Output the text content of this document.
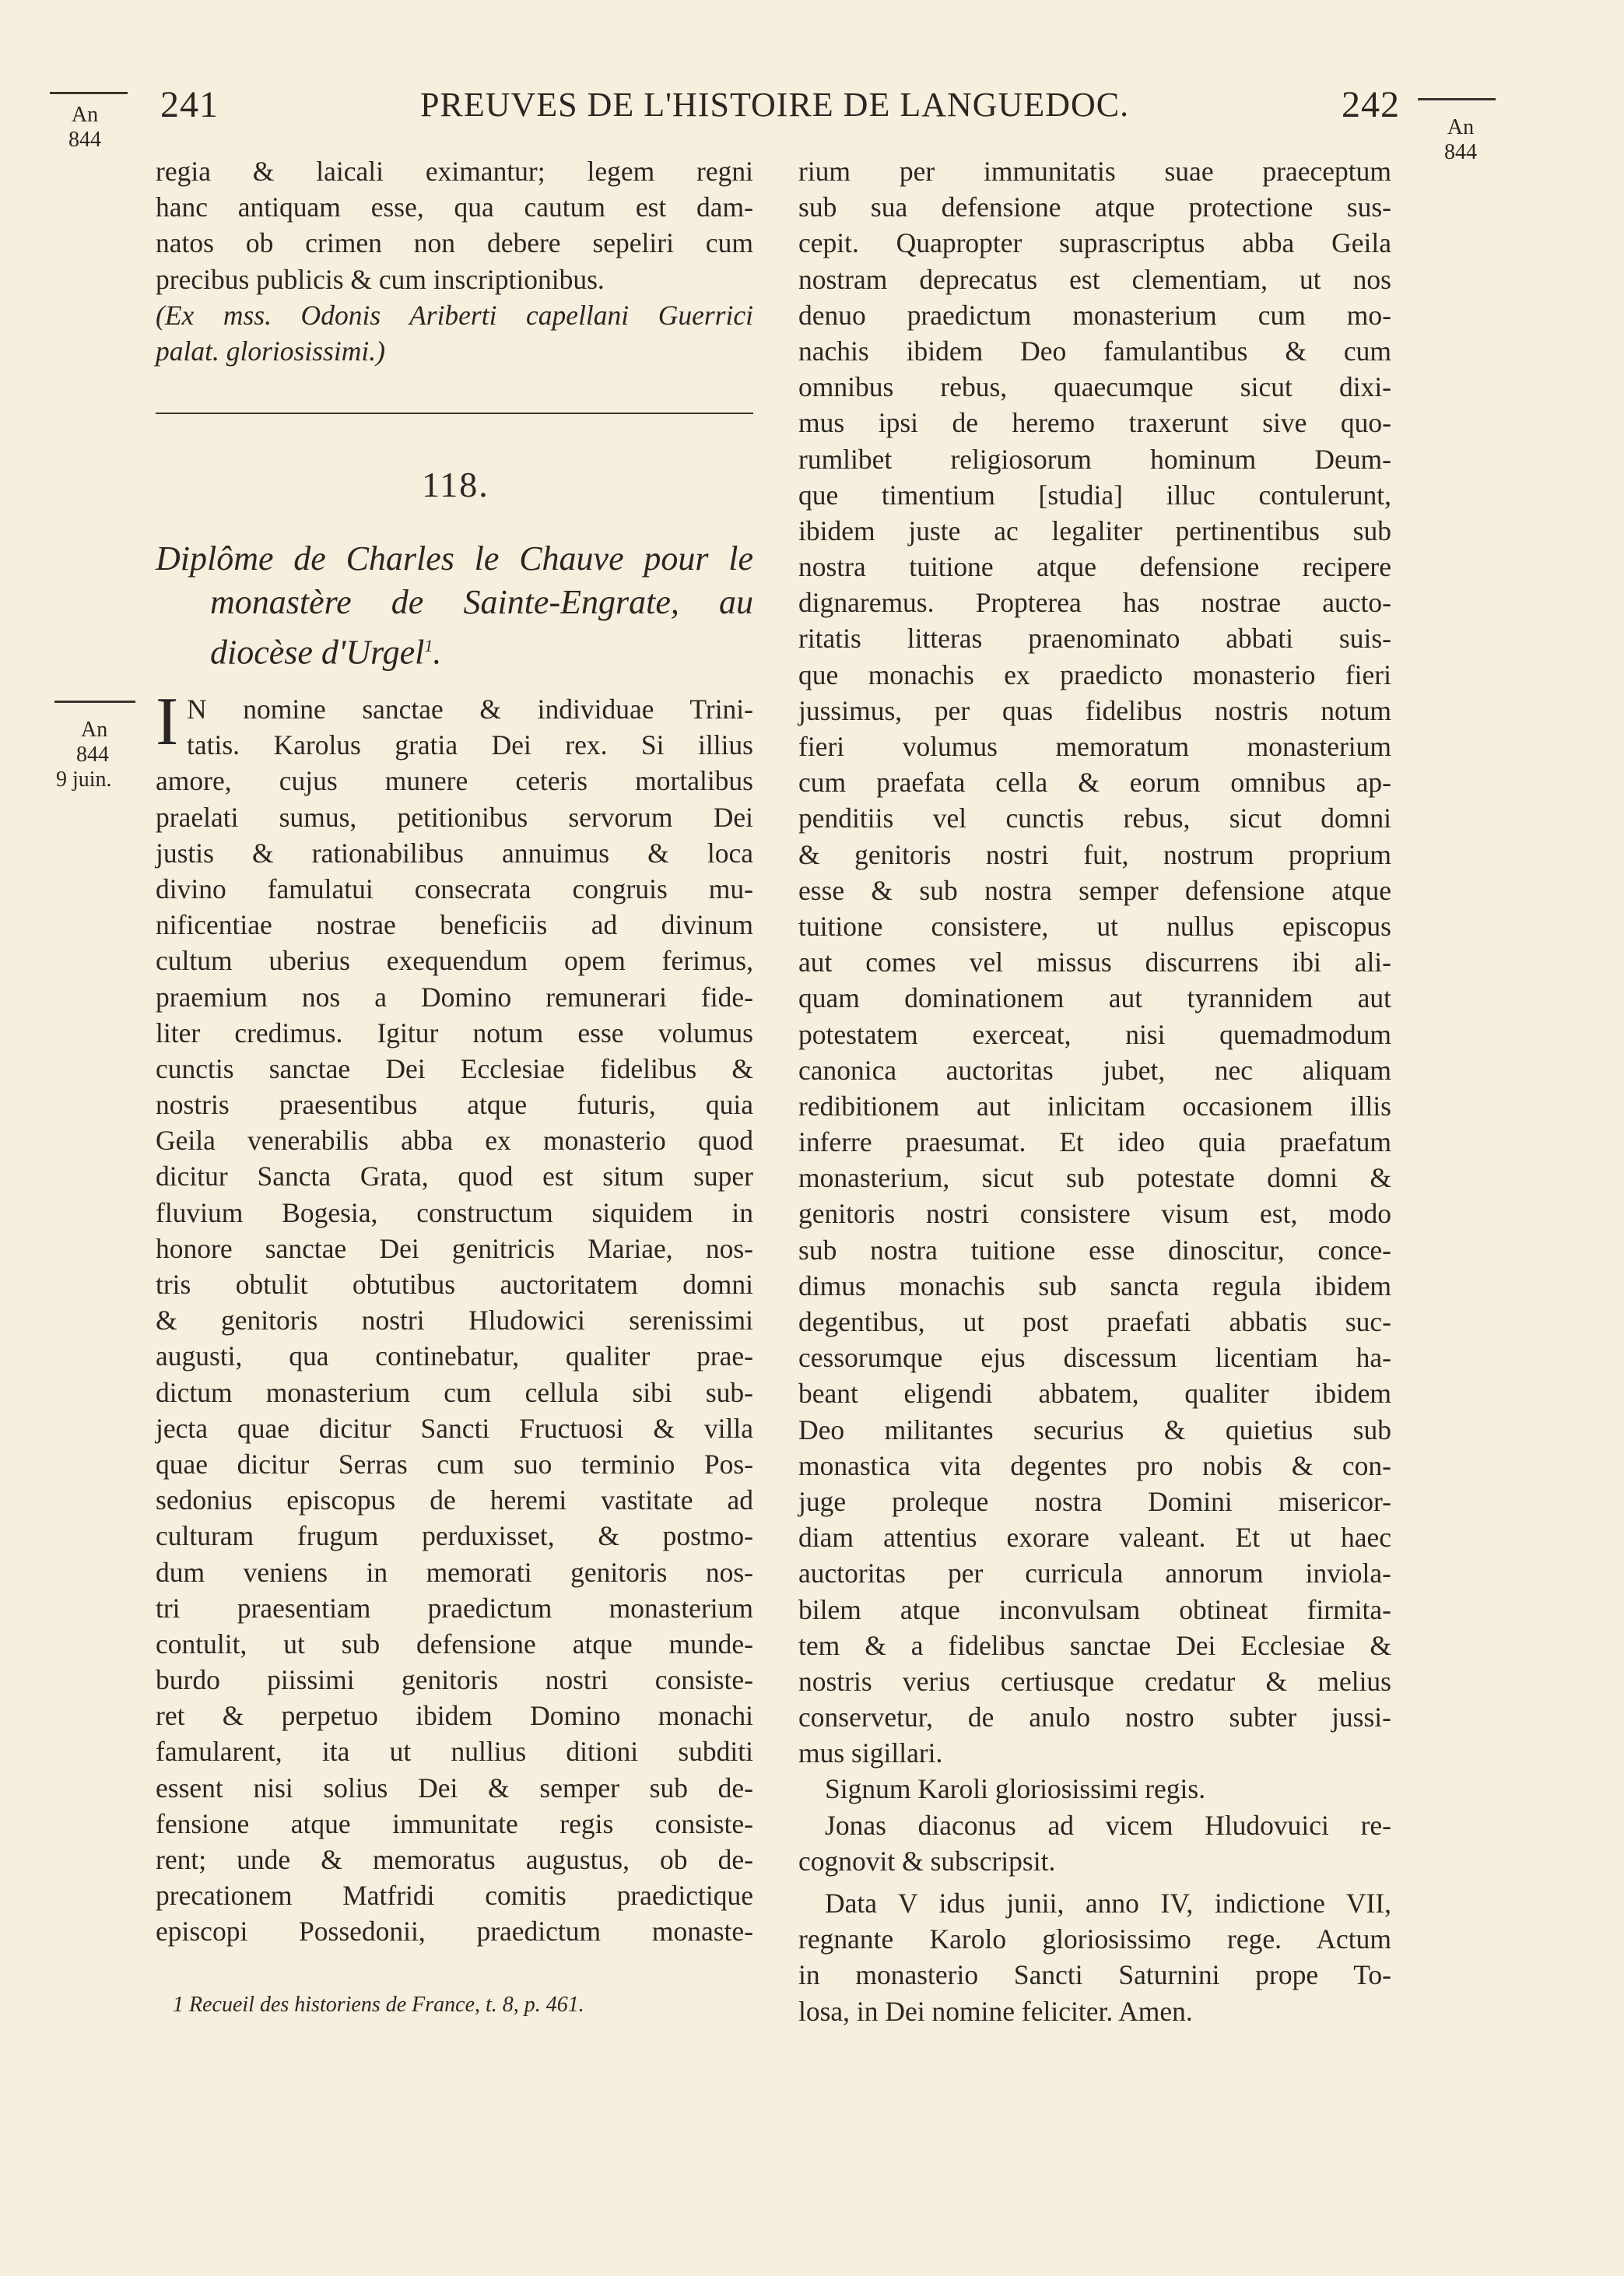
241	PREUVES DE L'HISTOIRE DE LANGUEDOC.	242
An
844
An
844
An
844
9 juin.
regia & laicali eximantur; legem regni
hanc antiquam esse, qua cautum est dam-
natos ob crimen non debere sepeliri cum
precibus publicis & cum inscriptionibus.
(Ex mss. Odonis Ariberti capellani Guerrici
palat. gloriosissimi.)
118.
Diplôme de Charles le Chauve pour le
monastère de Sainte-Engrate, au
diocèse d'Urgel$^1$.
I N nomine sanctae & individuae Trini-
tatis. Karolus gratia Dei rex. Si illius
amore, cujus munere ceteris mortalibus
praelati sumus, petitionibus servorum Dei
justis & rationabilibus annuimus & loca
divino famulatui consecrata congruis mu-
nificentiae nostrae beneficiis ad divinum
cultum uberius exequendum opem ferimus,
praemium nos a Domino remunerari fide-
liter credimus. Igitur notum esse volumus
cunctis sanctae Dei Ecclesiae fidelibus &
nostris praesentibus atque futuris, quia
Geila venerabilis abba ex monasterio quod
dicitur Sancta Grata, quod est situm super
fluvium Bogesia, constructum siquidem in
honore sanctae Dei genitricis Mariae, nos-
tris obtulit obtutibus auctoritatem domni
& genitoris nostri Hludowici serenissimi
augusti, qua continebatur, qualiter prae-
dictum monasterium cum cellula sibi sub-
jecta quae dicitur Sancti Fructuosi & villa
quae dicitur Serras cum suo terminio Pos-
sedonius episcopus de heremi vastitate ad
culturam frugum perduxisset, & postmo-
dum veniens in memorati genitoris nos-
tri praesentiam praedictum monasterium
contulit, ut sub defensione atque munde-
burdo piissimi genitoris nostri consiste-
ret & perpetuo ibidem Domino monachi
famularent, ita ut nullius ditioni subditi
essent nisi solius Dei & semper sub de-
fensione atque immunitate regis consiste-
rent; unde & memoratus augustus, ob de-
precationem Matfridi comitis praedictique
episcopi Possedonii, praedictum monaste-
1 Recueil des historiens de France, t. 8, p. 461.
rium per immunitatis suae praeceptum
sub sua defensione atque protectione sus-
cepit. Quapropter suprascriptus abba Geila
nostram deprecatus est clementiam, ut nos
denuo praedictum monasterium cum mo-
nachis ibidem Deo famulantibus & cum
omnibus rebus, quaecumque sicut dixi-
mus ipsi de heremo traxerunt sive quo-
rumlibet religiosorum hominum Deum-
que timentium [studia] illuc contulerunt,
ibidem juste ac legaliter pertinentibus sub
nostra tuitione atque defensione recipere
dignaremus. Propterea has nostrae aucto-
ritatis litteras praenominato abbati suis-
que monachis ex praedicto monasterio fieri
jussimus, per quas fidelibus nostris notum
fieri volumus memoratum monasterium
cum praefata cella & eorum omnibus ap-
penditiis vel cunctis rebus, sicut domni
& genitoris nostri fuit, nostrum proprium
esse & sub nostra semper defensione atque
tuitione consistere, ut nullus episcopus
aut comes vel missus discurrens ibi ali-
quam dominationem aut tyrannidem aut
potestatem exerceat, nisi quemadmodum
canonica auctoritas jubet, nec aliquam
redibitionem aut inlicitam occasionem illis
inferre praesumat. Et ideo quia praefatum
monasterium, sicut sub potestate domni &
genitoris nostri consistere visum est, modo
sub nostra tuitione esse dinoscitur, conce-
dimus monachis sub sancta regula ibidem
degentibus, ut post praefati abbatis suc-
cessorumque ejus discessum licentiam ha-
beant eligendi abbatem, qualiter ibidem
Deo militantes securius & quietius sub
monastica vita degentes pro nobis & con-
juge proleque nostra Domini misericor-
diam attentius exorare valeant. Et ut haec
auctoritas per curricula annorum inviola-
bilem atque inconvulsam obtineat firmita-
tem & a fidelibus sanctae Dei Ecclesiae &
nostris verius certiusque credatur & melius
conservetur, de anulo nostro subter jussi-
mus sigillari.
Signum Karoli gloriosissimi regis.
Jonas diaconus ad vicem Hludovuici re-
cognovit & subscripsit.
Data V idus junii, anno IV, indictione VII,
regnante Karolo gloriosissimo rege. Actum
in monasterio Sancti Saturnini prope To-
losa, in Dei nomine feliciter. Amen.
